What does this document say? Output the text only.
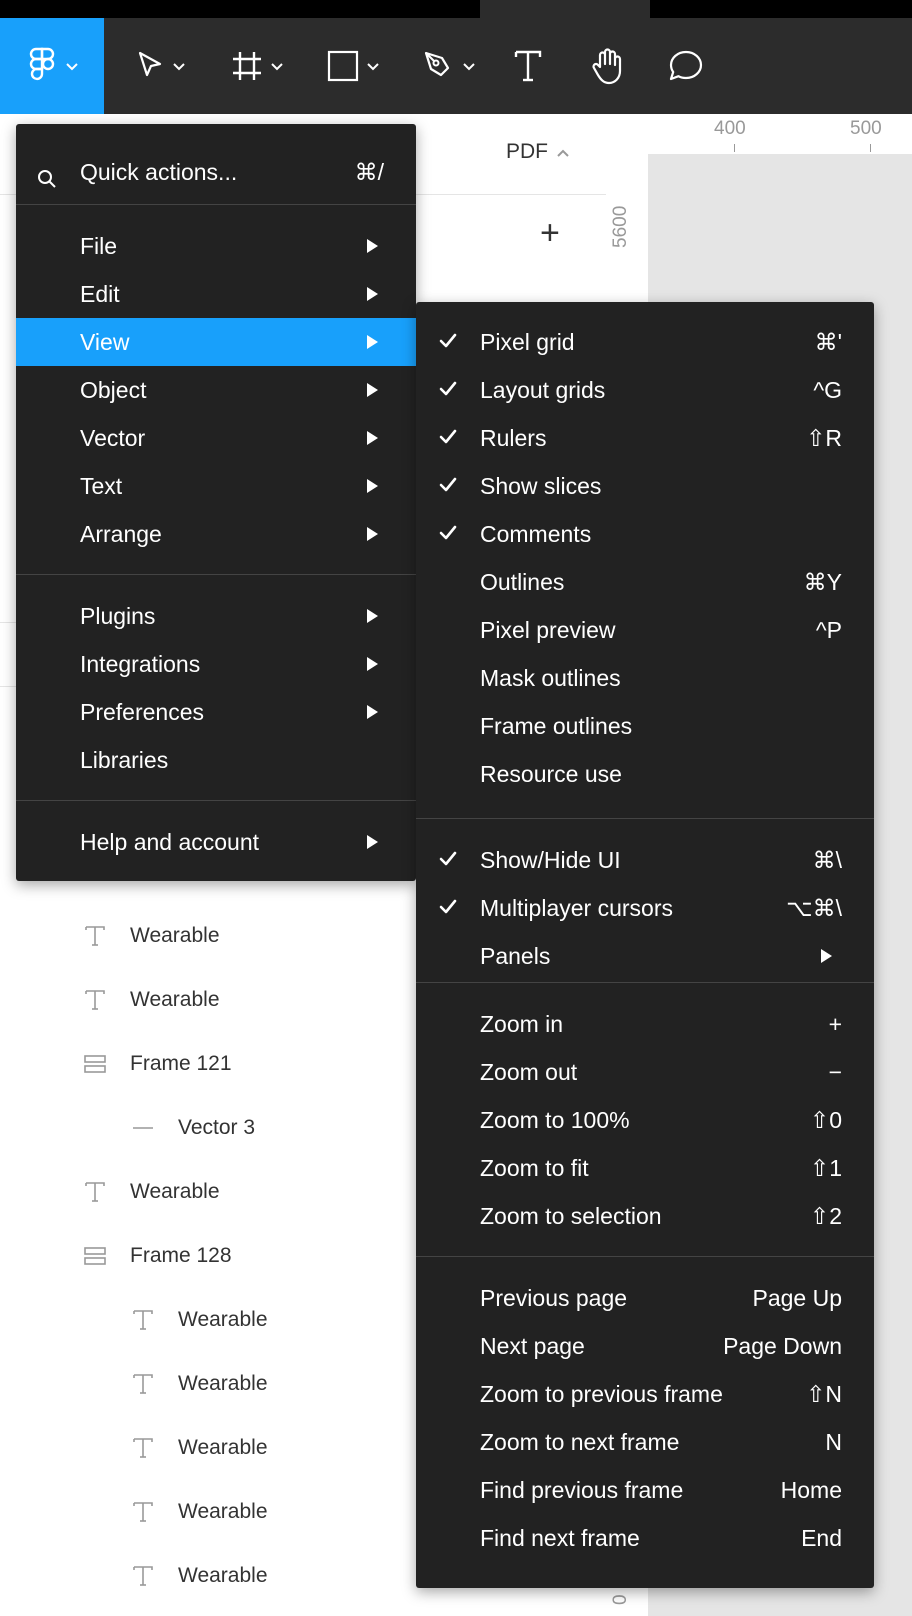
PDF
+
400	500
5600
0
Wearable
Wearable
Frame 121
Vector 3
Wearable
Frame 128
Wearable
Wearable
Wearable
Wearable
Wearable
Quick actions...	⌘/
File
Edit
View
Object
Vector
Text
Arrange
Plugins
Integrations
Preferences
Libraries
Help and account
Pixel grid	⌘'
Layout grids	^G
Rulers	⇧R
Show slices
Comments
Outlines	⌘Y
Pixel preview	^P
Mask outlines
Frame outlines
Resource use
Show/Hide UI	⌘\
Multiplayer cursors	⌥⌘\
Panels
Zoom in	+
Zoom out	−
Zoom to 100%	⇧0
Zoom to fit	⇧1
Zoom to selection	⇧2
Previous page	Page Up
Next page	Page Down
Zoom to previous frame	⇧N
Zoom to next frame	N
Find previous frame	Home
Find next frame	End
